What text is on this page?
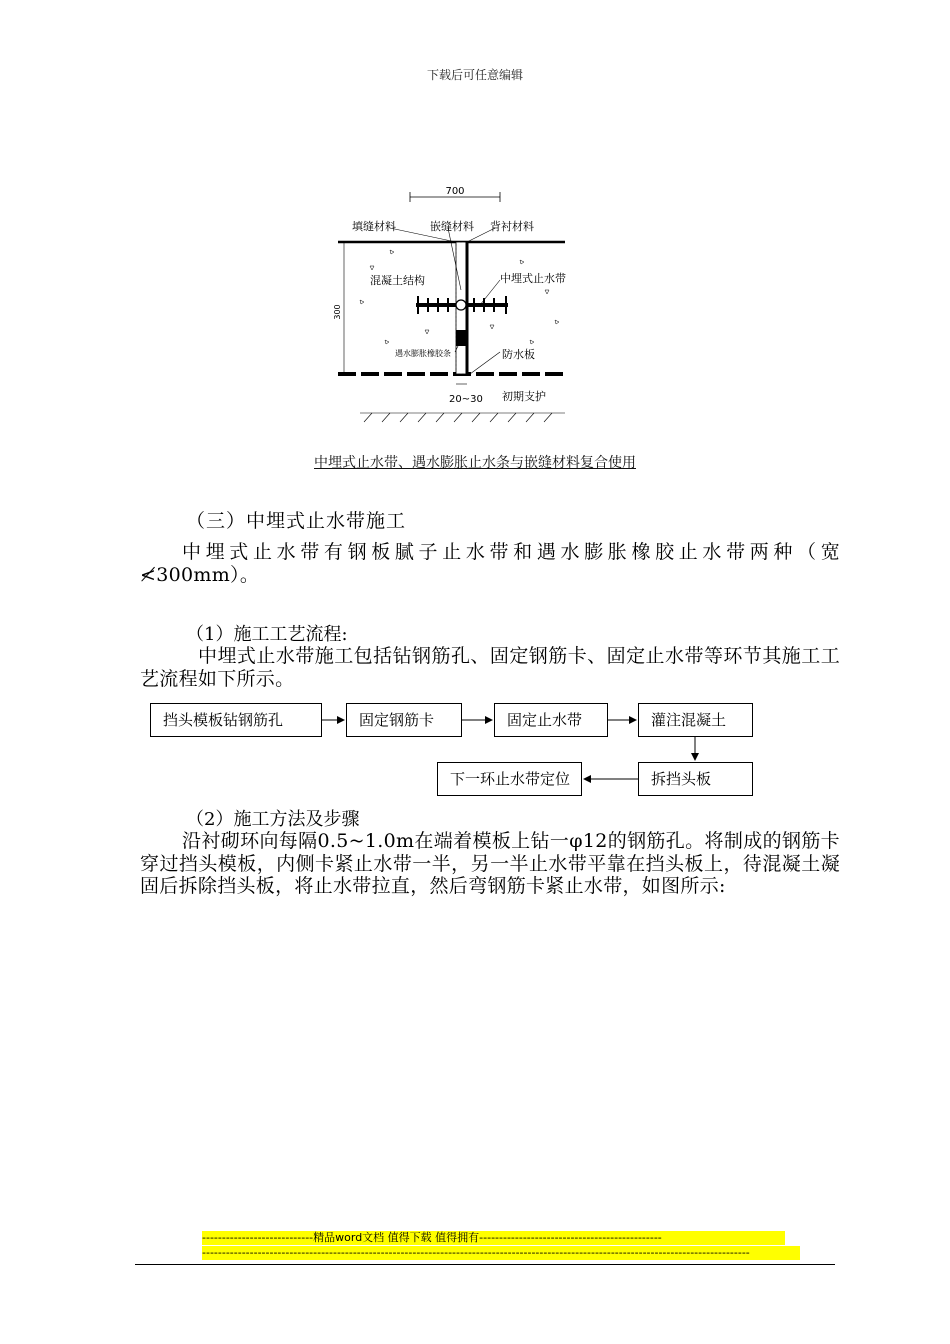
下载后可任意编辑
700
300
填缝材料	嵌缝材料 背衬材料
混凝土结构	中埋式止水带
遇水膨胀橡胶条	防水板
20~30 初期支护
中埋式止水带、遇水膨胀止水条与嵌缝材料复合使用
（三）中埋式止水带施工
中埋式止水带有钢板腻子止水带和遇水膨胀橡胶止水带两种（宽≮300mm）。
（1）施工工艺流程:
中埋式止水带施工包括钻钢筋孔、固定钢筋卡、固定止水带等环节其施工工艺流程如下所示。
挡头模板钻钢筋孔	固定钢筋卡	固定止水带	灌注混凝土
拆挡头板
下一环止水带定位
（2）施工方法及步骤
沿衬砌环向每隔0.5~1.0m在端着模板上钻一φ12的钢筋孔。将制成的钢筋卡穿过挡头模板，内侧卡紧止水带一半，另一半止水带平靠在挡头板上，待混凝土凝固后拆除挡头板，将止水带拉直，然后弯钢筋卡紧止水带，如图所示:
----------------------------精品word文档 值得下载 值得拥有----------------------------------------------
------------------------------------------------------------------------------------------------------------------------------------------
